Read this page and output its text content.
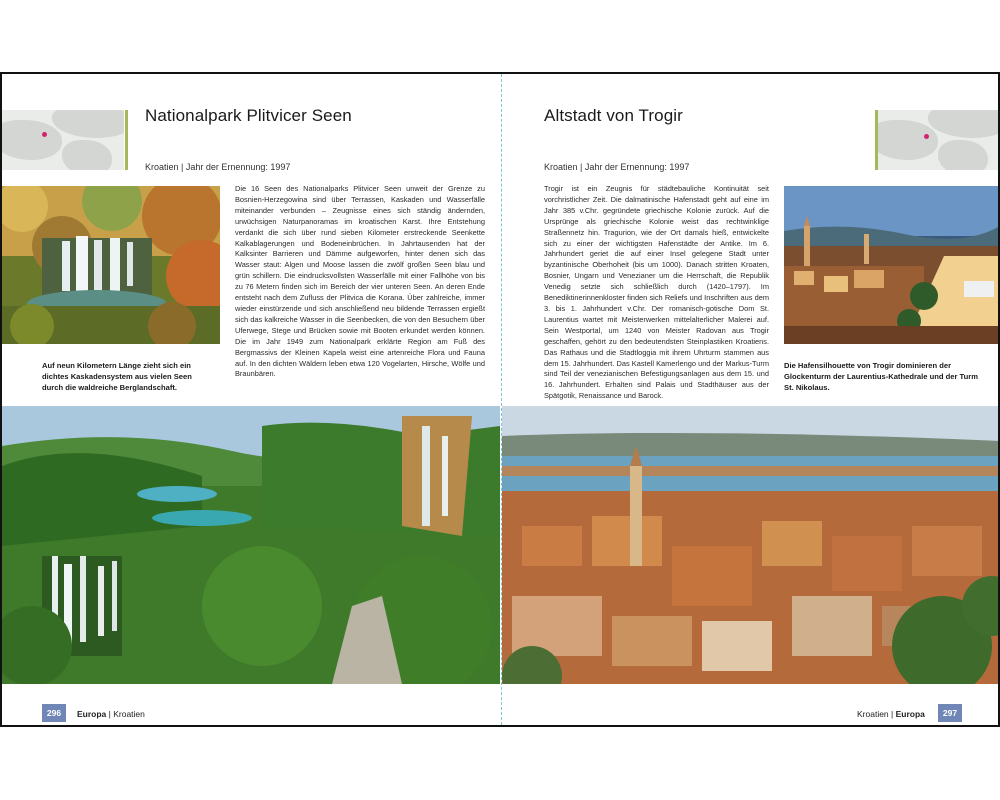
Nationalpark Plitvicer Seen
Kroatien | Jahr der Ernennung: 1997
Auf neun Kilometern Länge zieht sich ein dichtes Kaskadensystem aus vielen Seen durch die waldreiche Berglandschaft.
Die 16 Seen des Nationalparks Plitvicer Seen unweit der Grenze zu Bosnien-Herzegowina sind über Terrassen, Kaskaden und Wasserfälle miteinander verbunden – Zeugnisse eines sich ständig ändernden, urwüchsigen Naturpanoramas im kroatischen Karst. Ihre Entstehung verdankt die sich über rund sieben Kilometer erstreckende Seenkette Kalkablagerungen und Bodeneinbrüchen. In Jahrtausenden hat der Kalksinter Barrieren und Dämme aufgeworfen, hinter denen sich das Wasser staut: Algen und Moose lassen die zwölf großen Seen blau und grün schillern. Die eindrucksvollsten Wasserfälle mit einer Fallhöhe von bis zu 76 Metern finden sich im Bereich der vier unteren Seen. An deren Ende entsteht nach dem Zufluss der Plitvica die Korana. Über zahlreiche, immer wieder einstürzende und sich anschließend neu bildende Terrassen ergießt sich das kalkreiche Wasser in die Seenbecken, die von den Besuchern über Uferwege, Stege und Brücken sowie mit Booten erkundet werden können. Die im Jahr 1949 zum Nationalpark erklärte Region am Fuß des Bergmassivs der Kleinen Kapela weist eine artenreiche Flora und Fauna auf. In den dichten Wäldern leben etwa 120 Vogelarten, Hirsche, Wölfe und Braunbären.
296	Europa | Kroatien
Altstadt von Trogir
Kroatien | Jahr der Ernennung: 1997
Trogir ist ein Zeugnis für städtebauliche Kontinuität seit vorchristlicher Zeit. Die dalmatinische Hafenstadt geht auf eine im Jahr 385 v.Chr. gegründete griechische Kolonie zurück. Auf die Ursprünge als griechische Kolonie weist das rechtwinklige Straßennetz hin. Tragurion, wie der Ort damals hieß, entwickelte sich zu einer der wichtigsten Hafenstädte der Antike. Im 6. Jahrhundert geriet die auf einer Insel gelegene Stadt unter byzantinische Oberhoheit (bis um 1000). Danach stritten Kroaten, Bosnier, Ungarn und Venezianer um die Herrschaft, die Republik Venedig setzte sich schließlich durch (1420–1797). Im Benediktinerinnenkloster finden sich Reliefs und Inschriften aus dem 3. bis 1. Jahrhundert v.Chr. Der romanisch-gotische Dom St. Laurentius wartet mit Meisterwerken mittelalterlicher Malerei auf. Sein Westportal, um 1240 von Meister Radovan aus Trogir geschaffen, gehört zu den bedeutendsten Steinplastiken Kroatiens. Das Rathaus und die Stadtloggia mit ihrem Uhrturm stammen aus dem 15. Jahrhundert. Das Kastell Kamerlengo und der Markus-Turm sind Teil der venezianischen Befestigungsanlagen aus dem 15. und 16. Jahrhundert. Erhalten sind Palais und Stadthäuser aus der Spätgotik, Renaissance und Barock.
Die Hafensilhouette von Trogir dominieren der Glockenturm der Laurentius-Kathedrale und der Turm St. Nikolaus.
Kroatien | Europa	297
